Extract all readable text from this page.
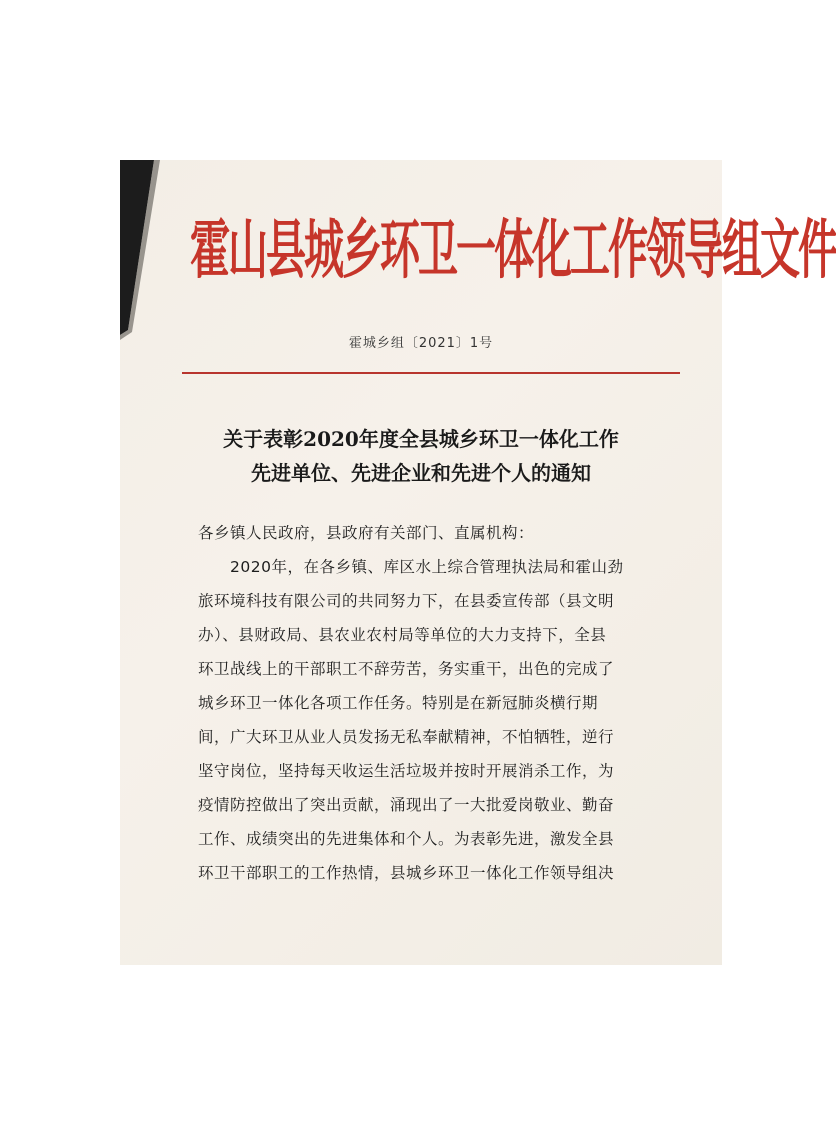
霍山县城乡环卫一体化工作领导组文件
霍城乡组〔2021〕1号
关于表彰2020年度全县城乡环卫一体化工作
先进单位、先进企业和先进个人的通知
各乡镇人民政府，县政府有关部门、直属机构：
2020年，在各乡镇、库区水上综合管理执法局和霍山劲
旅环境科技有限公司的共同努力下，在县委宣传部（县文明
办）、县财政局、县农业农村局等单位的大力支持下，全县
环卫战线上的干部职工不辞劳苦，务实重干，出色的完成了
城乡环卫一体化各项工作任务。特别是在新冠肺炎横行期
间，广大环卫从业人员发扬无私奉献精神，不怕牺牲，逆行
坚守岗位，坚持每天收运生活垃圾并按时开展消杀工作，为
疫情防控做出了突出贡献，涌现出了一大批爱岗敬业、勤奋
工作、成绩突出的先进集体和个人。为表彰先进，激发全县
环卫干部职工的工作热情，县城乡环卫一体化工作领导组决
